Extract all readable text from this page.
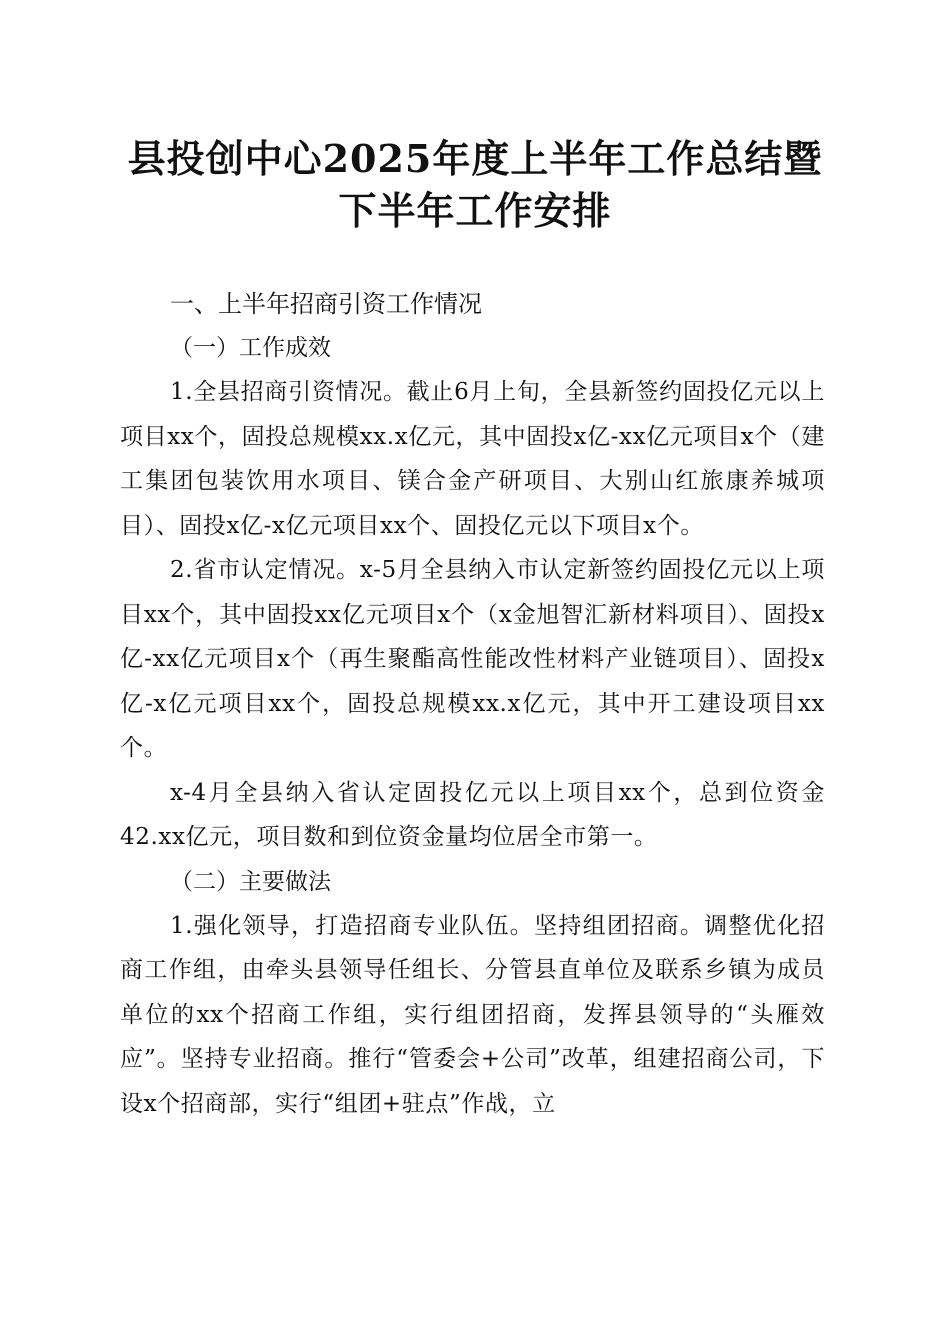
县投创中心2025年度上半年工作总结暨下半年工作安排

一、上半年招商引资工作情况

（一）工作成效

1.全县招商引资情况。截止6月上旬，全县新签约固投亿元以上项目xx个，固投总规模xx.x亿元，其中固投x亿-xx亿元项目x个（建工集团包装饮用水项目、镁合金产研项目、大别山红旅康养城项目）、固投x亿-x亿元项目xx个、固投亿元以下项目x个。

2.省市认定情况。x-5月全县纳入市认定新签约固投亿元以上项目xx个，其中固投xx亿元项目x个（x金旭智汇新材料项目）、固投x亿-xx亿元项目x个（再生聚酯高性能改性材料产业链项目）、固投x亿-x亿元项目xx个，固投总规模xx.x亿元，其中开工建设项目xx个。

x-4月全县纳入省认定固投亿元以上项目xx个，总到位资金42.xx亿元，项目数和到位资金量均位居全市第一。

（二）主要做法

1.强化领导，打造招商专业队伍。坚持组团招商。调整优化招商工作组，由牵头县领导任组长、分管县直单位及联系乡镇为成员单位的xx个招商工作组，实行组团招商，发挥县领导的“头雁效应”。坚持专业招商。推行“管委会+公司”改革，组建招商公司，下设x个招商部，实行“组团+驻点”作战，立
